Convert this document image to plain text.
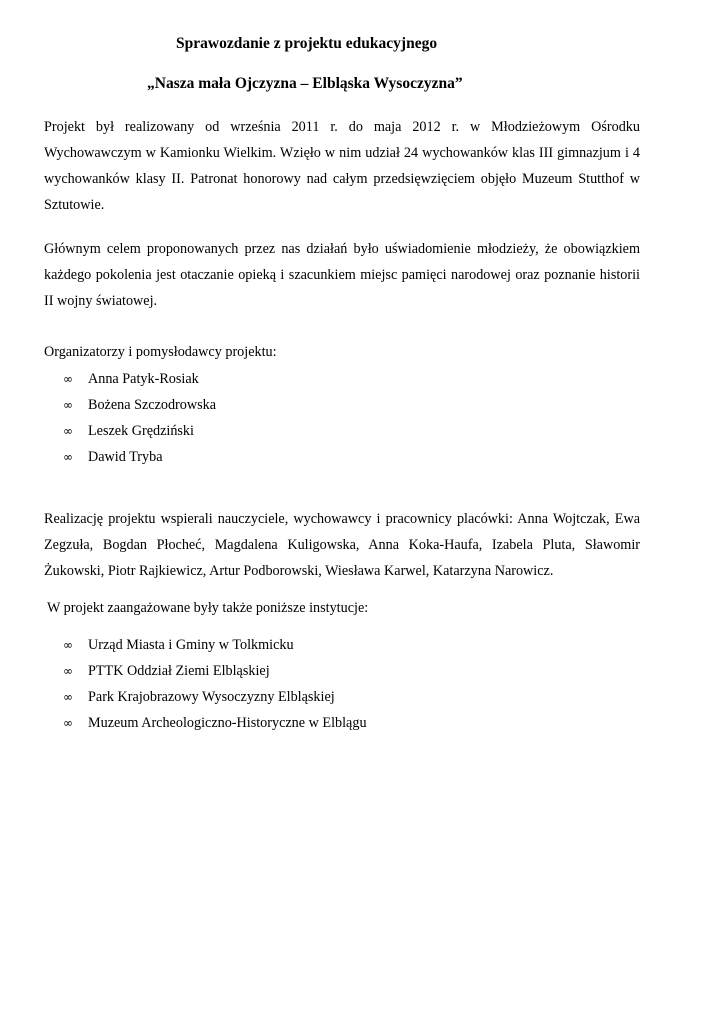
Sprawozdanie z projektu edukacyjnego
„Nasza mała Ojczyzna – Elbląska Wysoczyzna”

Projekt był realizowany od września 2011 r. do maja 2012 r. w Młodzieżowym Ośrodku Wychowawczym w Kamionku Wielkim. Wzięło w nim udział 24 wychowanków klas III gimnazjum i 4 wychowanków klasy II. Patronat honorowy nad całym przedsięwzięciem objęło Muzeum Stutthof w Sztutowie.

Głównym celem proponowanych przez nas działań było uświadomienie młodzieży, że obowiązkiem każdego pokolenia jest otaczanie opieką i szacunkiem miejsc pamięci narodowej oraz poznanie historii II wojny światowej.

Organizatorzy i pomysłodawcy projektu:

∞ Anna Patyk-Rosiak
∞ Bożena Szczodrowska
∞ Leszek Grędziński
∞ Dawid Tryba

Realizację projektu wspierali nauczyciele, wychowawcy i pracownicy placówki: Anna Wojtczak, Ewa Zegzuła, Bogdan Płocheć, Magdalena Kuligowska, Anna Koka-Haufa, Izabela Pluta, Sławomir Żukowski, Piotr Rajkiewicz, Artur Podborowski, Wiesława Karwel, Katarzyna Narowicz.

W projekt zaangażowane były także poniższe instytucje:

∞ Urząd Miasta i Gminy w Tolkmicku
∞ PTTK Oddział Ziemi Elbląskiej
∞ Park Krajobrazowy Wysoczyzny Elbląskiej
∞ Muzeum Archeologiczno-Historyczne w Elblągu
